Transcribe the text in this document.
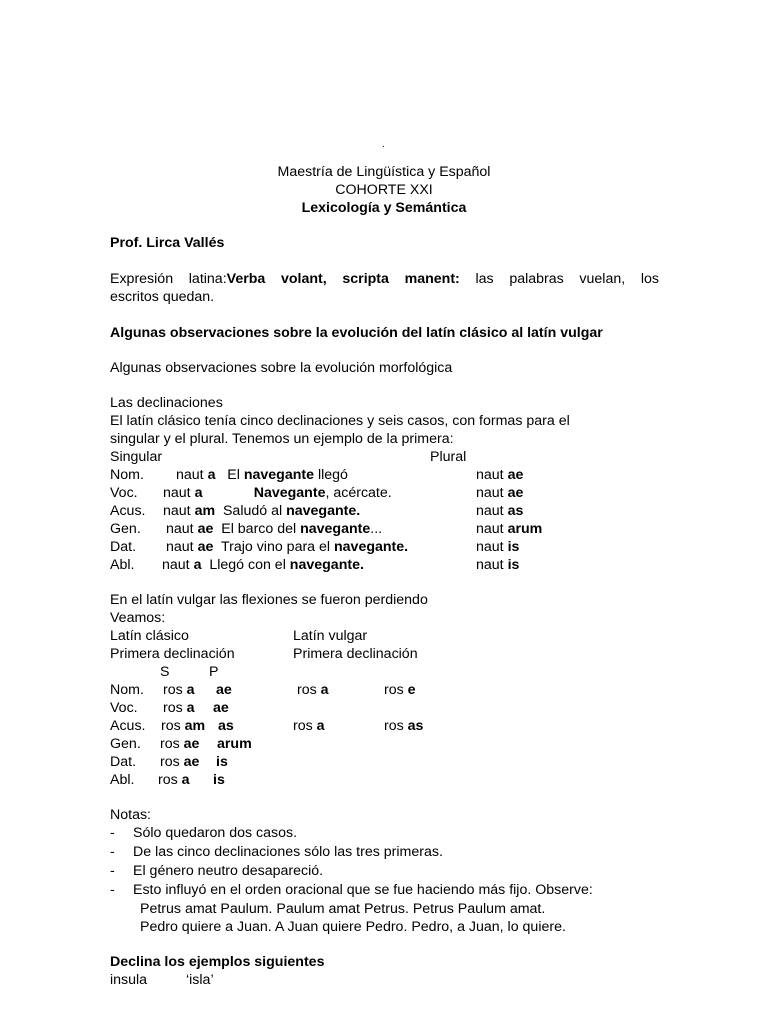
.
Maestría de Lingüística y Español
COHORTE XXI
Lexicología y Semántica
Prof. Lirca Vallés
Expresión latina:Verba volant, scripta manent: las palabras vuelan, los
escritos quedan.
Algunas observaciones sobre la evolución del latín clásico al latín vulgar
Algunas observaciones sobre la evolución morfológica
Las declinaciones
El latín clásico tenía cinco declinaciones y seis casos, con formas para el
singular y el plural. Tenemos un ejemplo de la primera:
Singular	Plural
Nom. naut a   El navegante llegó	naut ae
Voc. naut a	Navegante, acércate.	naut ae
Acus. naut am  Saludó al navegante.	naut as
Gen. naut ae  El barco del navegante...	naut arum
Dat. naut ae  Trajo vino para el navegante.	naut is
Abl. naut a  Llegó con el navegante.	naut is
En el latín vulgar las flexiones se fueron perdiendo
Veamos:
Latín clásico	Latín vulgar
Primera declinación	Primera declinación
S	P
Nom. ros a ae	ros a	ros e
Voc. ros a ae
Acus. ros am as	ros a	ros as
Gen. ros ae arum
Dat. ros ae is
Abl. ros a is
Notas:
- Sólo quedaron dos casos.
- De las cinco declinaciones sólo las tres primeras.
- El género neutro desapareció.
- Esto influyó en el orden oracional que se fue haciendo más fijo. Observe:
Petrus amat Paulum. Paulum amat Petrus. Petrus Paulum amat.
Pedro quiere a Juan. A Juan quiere Pedro. Pedro, a Juan, lo quiere.
Declina los ejemplos siguientes
insula	‘isla’
